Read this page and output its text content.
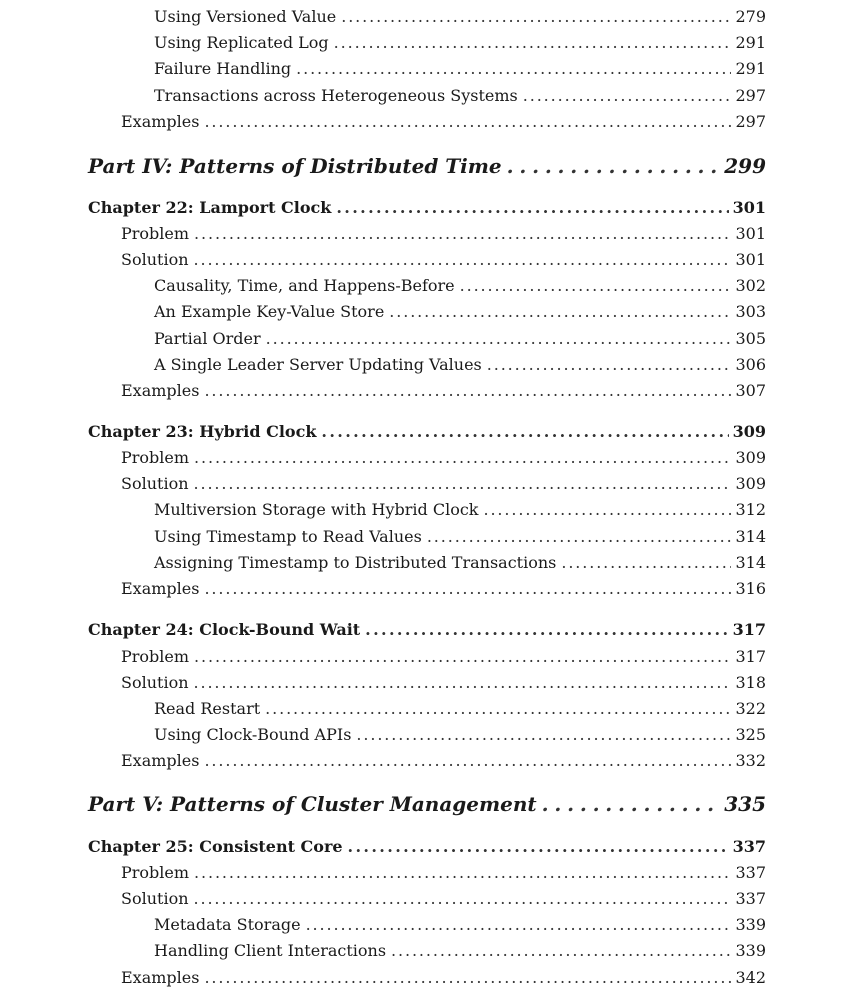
Using Versioned Value . . .	279
Using Replicated Log . . .	291
Failure Handling . . .	291
Transactions across Heterogeneous Systems . . .	297
Examples . . .	297
Part IV: Patterns of Distributed Time . . .	299
Chapter 22: Lamport Clock . . .	301
Problem . . .	301
Solution . . .	301
Causality, Time, and Happens-Before . . .	302
An Example Key-Value Store . . .	303
Partial Order . . .	305
A Single Leader Server Updating Values . . .	306
Examples . . .	307
Chapter 23: Hybrid Clock . . .	309
Problem . . .	309
Solution . . .	309
Multiversion Storage with Hybrid Clock . . .	312
Using Timestamp to Read Values . . .	314
Assigning Timestamp to Distributed Transactions . . .	314
Examples . . .	316
Chapter 24: Clock-Bound Wait . . .	317
Problem . . .	317
Solution . . .	318
Read Restart . . .	322
Using Clock-Bound APIs . . .	325
Examples . . .	332
Part V: Patterns of Cluster Management . . .	335
Chapter 25: Consistent Core . . .	337
Problem . . .	337
Solution . . .	337
Metadata Storage . . .	339
Handling Client Interactions . . .	339
Examples . . .	342
